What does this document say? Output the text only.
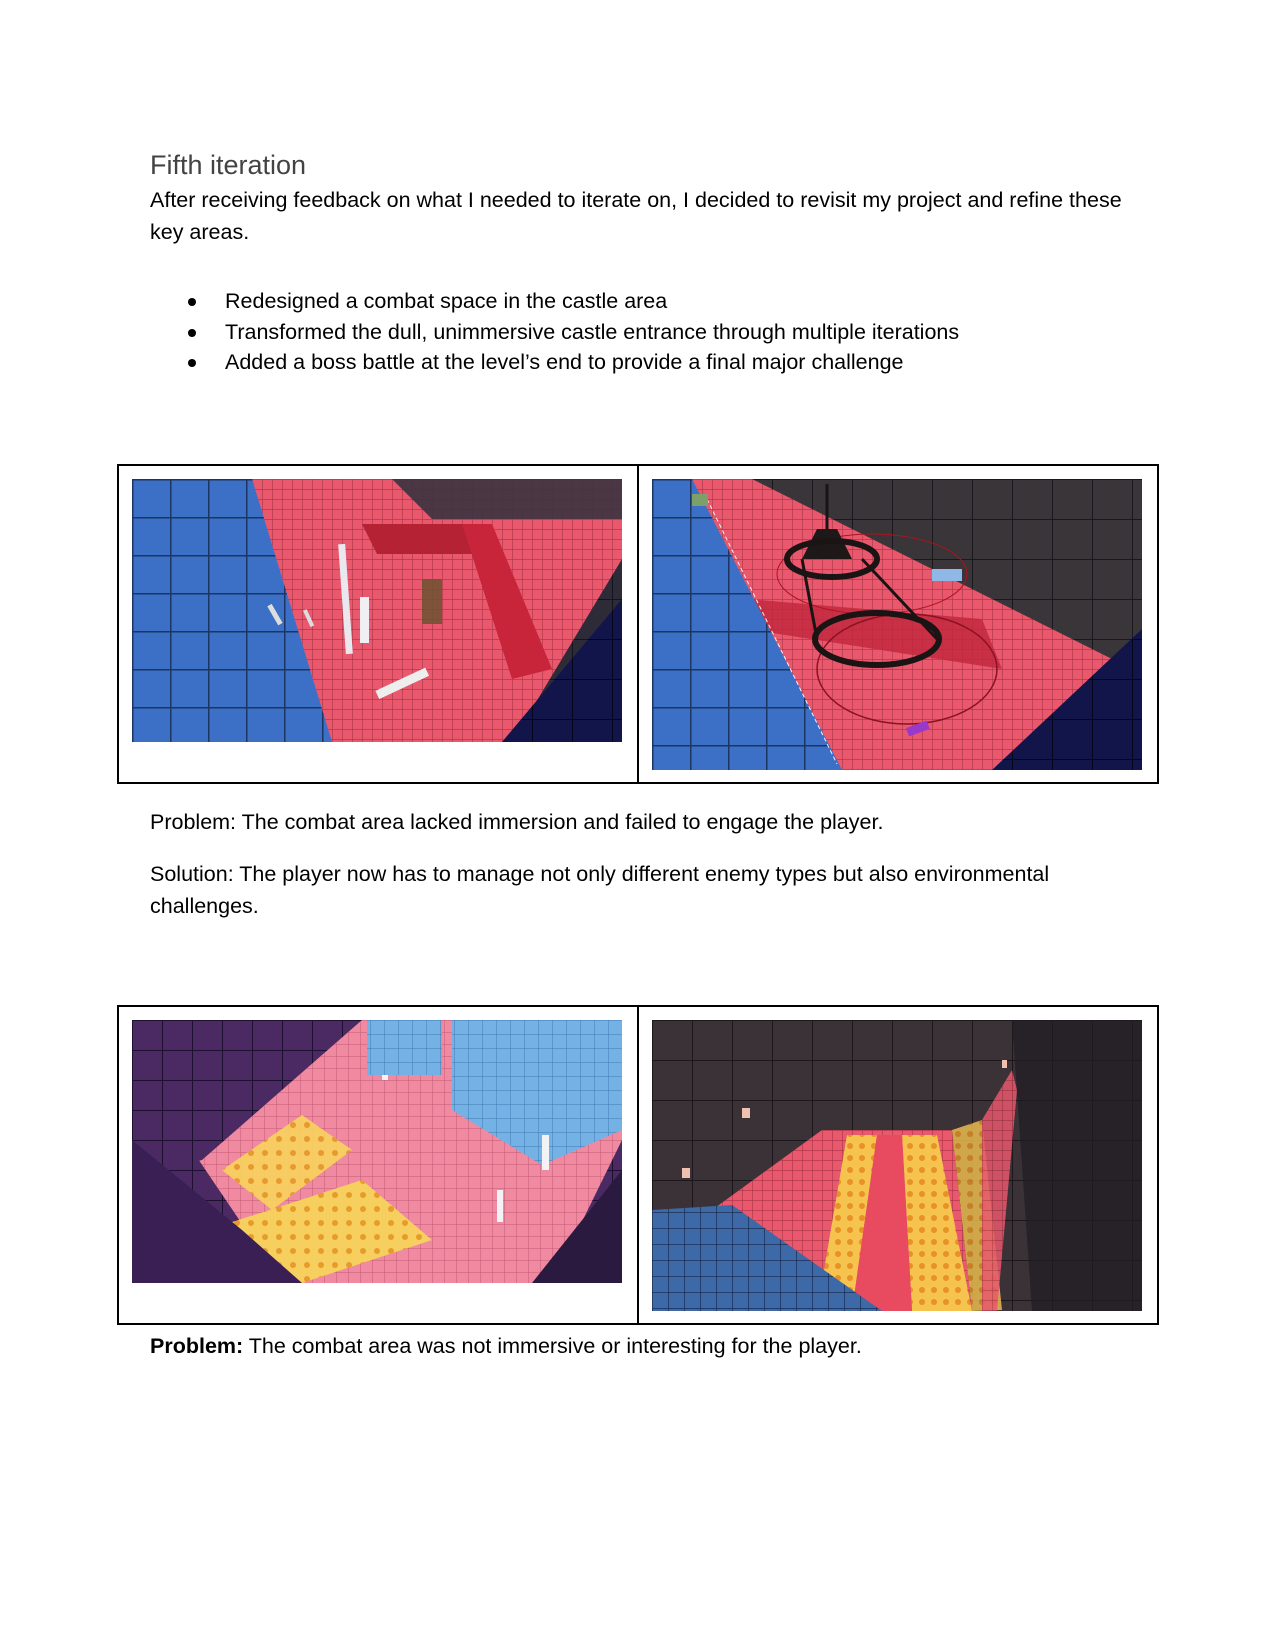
Fifth iteration

After receiving feedback on what I needed to iterate on, I decided to revisit my project and refine these key areas.

Redesigned a combat space in the castle area
Transformed the dull, unimmersive castle entrance through multiple iterations
Added a boss battle at the level’s end to provide a final major challenge

Problem: The combat area lacked immersion and failed to engage the player.

Solution: The player now has to manage not only different enemy types but also environmental challenges.

Problem: The combat area was not immersive or interesting for the player.
